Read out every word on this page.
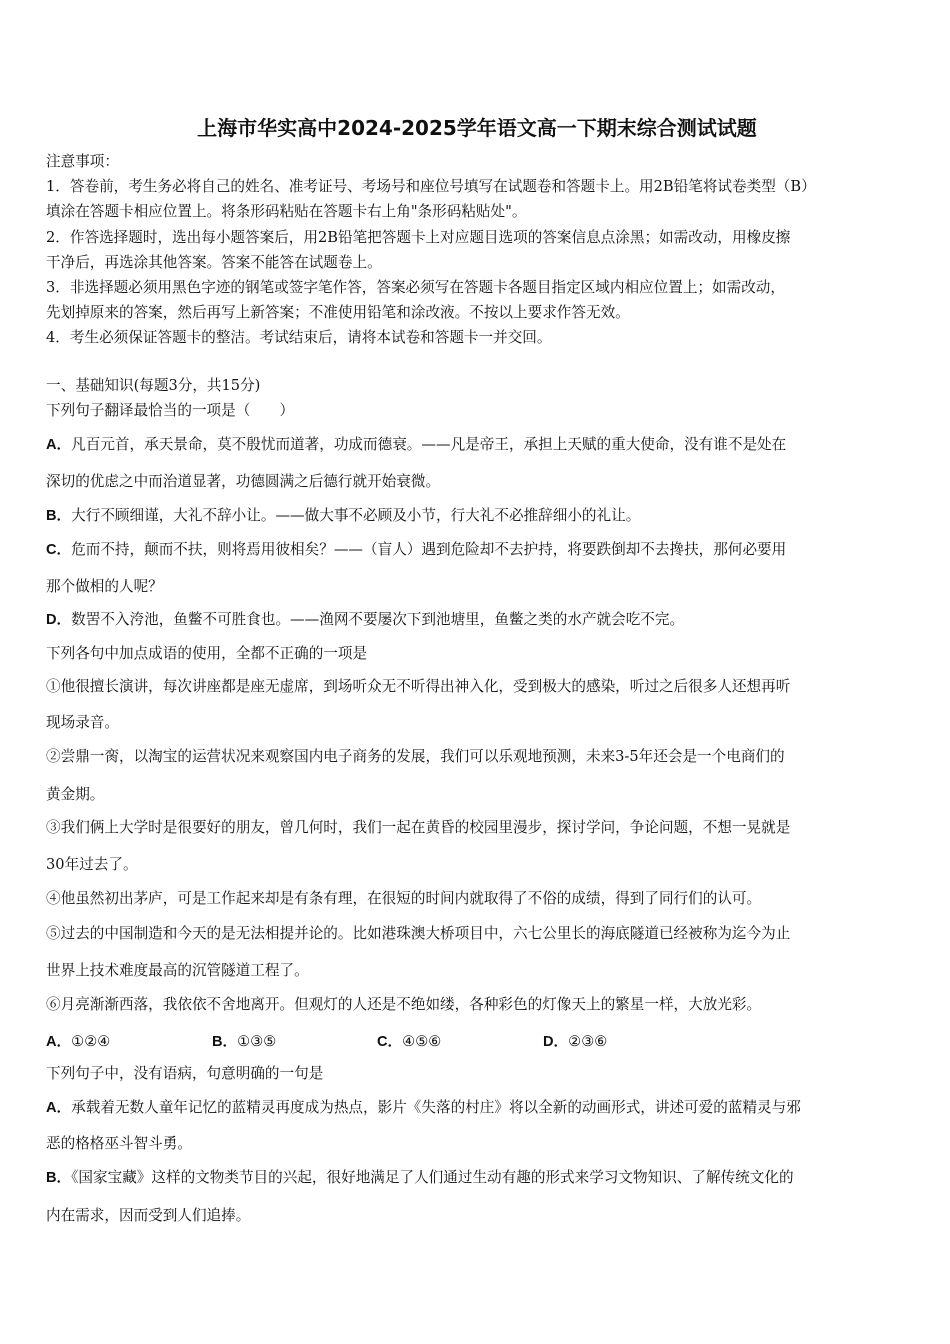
上海市华实高中2024-2025学年语文高一下期末综合测试试题
注意事项：
1．答卷前，考生务必将自己的姓名、准考证号、考场号和座位号填写在试题卷和答题卡上。用2B铅笔将试卷类型（B）
填涂在答题卡相应位置上。将条形码粘贴在答题卡右上角"条形码粘贴处"。
2．作答选择题时，选出每小题答案后，用2B铅笔把答题卡上对应题目选项的答案信息点涂黑；如需改动，用橡皮擦
干净后，再选涂其他答案。答案不能答在试题卷上。
3．非选择题必须用黑色字迹的钢笔或签字笔作答，答案必须写在答题卡各题目指定区域内相应位置上；如需改动，
先划掉原来的答案，然后再写上新答案；不准使用铅笔和涂改液。不按以上要求作答无效。
4．考生必须保证答题卡的整洁。考试结束后，请将本试卷和答题卡一并交回。
一、基础知识(每题3分，共15分)
下列句子翻译最恰当的一项是（　　）
A．凡百元首，承天景命，莫不殷忧而道著，功成而德衰。——凡是帝王，承担上天赋的重大使命，没有谁不是处在
深切的优虑之中而治道显著，功德圆满之后德行就开始衰微。
B．大行不顾细谨，大礼不辞小让。——做大事不必顾及小节，行大礼不必推辞细小的礼让。
C．危而不持，颠而不扶，则将焉用彼相矣？——（盲人）遇到危险却不去护持，将要跌倒却不去搀扶，那何必要用
那个做相的人呢？
D．数罟不入洿池，鱼鳖不可胜食也。——渔网不要屡次下到池塘里，鱼鳖之类的水产就会吃不完。
下列各句中加点成语的使用，全都不正确的一项是
①他很擅长演讲，每次讲座都是座无虚席，到场听众无不听得出神入化，受到极大的感染，听过之后很多人还想再听
现场录音。
②尝鼎一脔，以淘宝的运营状况来观察国内电子商务的发展，我们可以乐观地预测，未来3-5年还会是一个电商们的
黄金期。
③我们俩上大学时是很要好的朋友，曾几何时，我们一起在黄昏的校园里漫步，探讨学问，争论问题，不想一晃就是
30年过去了。
④他虽然初出茅庐，可是工作起来却是有条有理，在很短的时间内就取得了不俗的成绩，得到了同行们的认可。
⑤过去的中国制造和今天的是无法相提并论的。比如港珠澳大桥项目中，六七公里长的海底隧道已经被称为迄今为止
世界上技术难度最高的沉管隧道工程了。
⑥月亮渐渐西落，我依依不舍地离开。但观灯的人还是不绝如缕，各种彩色的灯像天上的繁星一样，大放光彩。
A．①②④	B．①③⑤	C．④⑤⑥	D．②③⑥
下列句子中，没有语病，句意明确的一句是
A．承载着无数人童年记忆的蓝精灵再度成为热点，影片《失落的村庄》将以全新的动画形式，讲述可爱的蓝精灵与邪
恶的格格巫斗智斗勇。
B．《国家宝藏》这样的文物类节目的兴起，很好地满足了人们通过生动有趣的形式来学习文物知识、了解传统文化的
内在需求，因而受到人们追捧。
